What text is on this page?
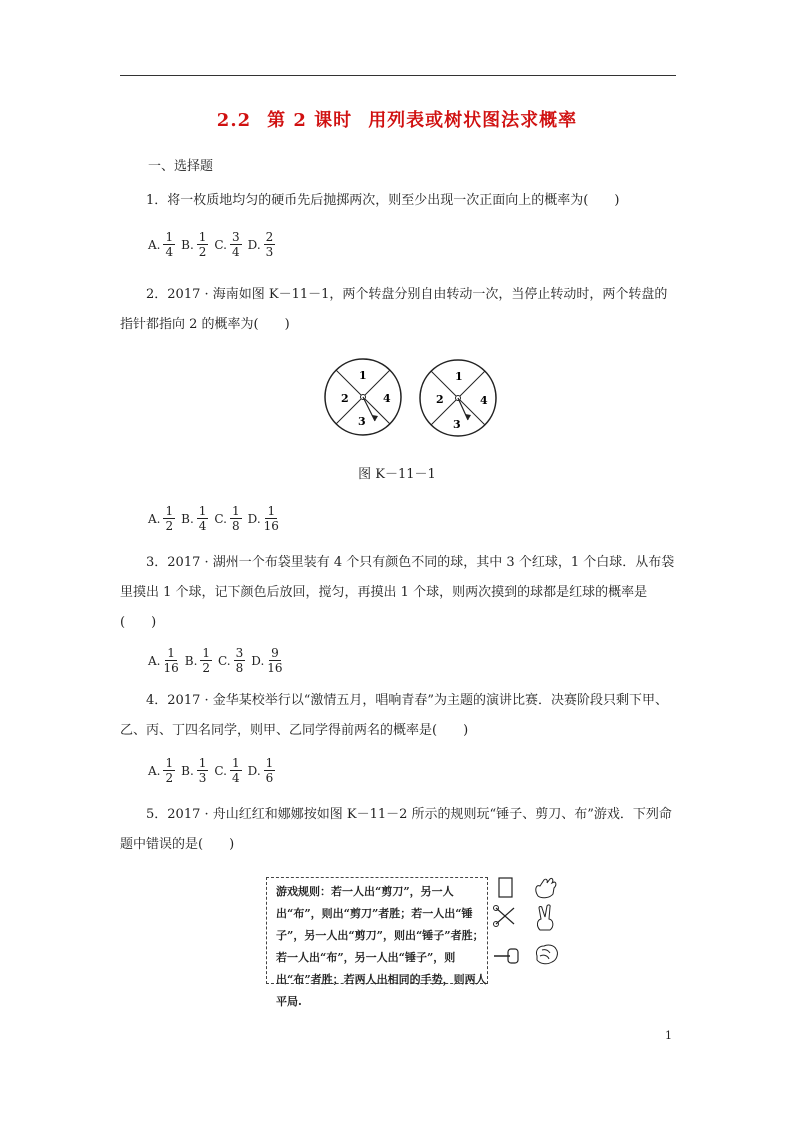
2.2 第 2 课时 用列表或树状图法求概率
一、选择题
1．将一枚质地均匀的硬币先后抛掷两次，则至少出现一次正面向上的概率为(　　)
A. $\frac{1}{4} B$. $\frac{1}{2} C$. $\frac{3}{4} D$. $\frac{2}{3}$
2．2017 · 海南如图 K－11－1，两个转盘分别自由转动一次，当停止转动时，两个转盘的指针都指向 2 的概率为(　　)
1
2
3
4
1
2
3
4
图 K－11－1
A. $\frac{1}{2} B$. $\frac{1}{4} C$. $\frac{1}{8} D$. $\frac{1}{16}$
3．2017 · 湖州一个布袋里装有 4 个只有颜色不同的球，其中 3 个红球，1 个白球．从布袋里摸出 1 个球，记下颜色后放回，搅匀，再摸出 1 个球，则两次摸到的球都是红球的概率是(　　)
A. $\frac{1}{16} B$. $\frac{1}{2} C$. $\frac{3}{8} D$. $\frac{9}{16}$
4．2017 · 金华某校举行以“激情五月，唱响青春”为主题的演讲比赛．决赛阶段只剩下甲、乙、丙、丁四名同学，则甲、乙同学得前两名的概率是(　　)
A. $\frac{1}{2} B$. $\frac{1}{3} C$. $\frac{1}{4} D$. $\frac{1}{6}$
5．2017 · 舟山红红和娜娜按如图 K－11－2 所示的规则玩“锤子、剪刀、布”游戏．下列命题中错误的是(　　)
游戏规则：若一人出“剪刀”，另一人出“布”，则出“剪刀”者胜；若一人出“锤子”，另一人出“剪刀”，则出“锤子”者胜；若一人出“布”，另一人出“锤子”，则出“布”者胜；若两人出相同的手势，则两人平局.
1
